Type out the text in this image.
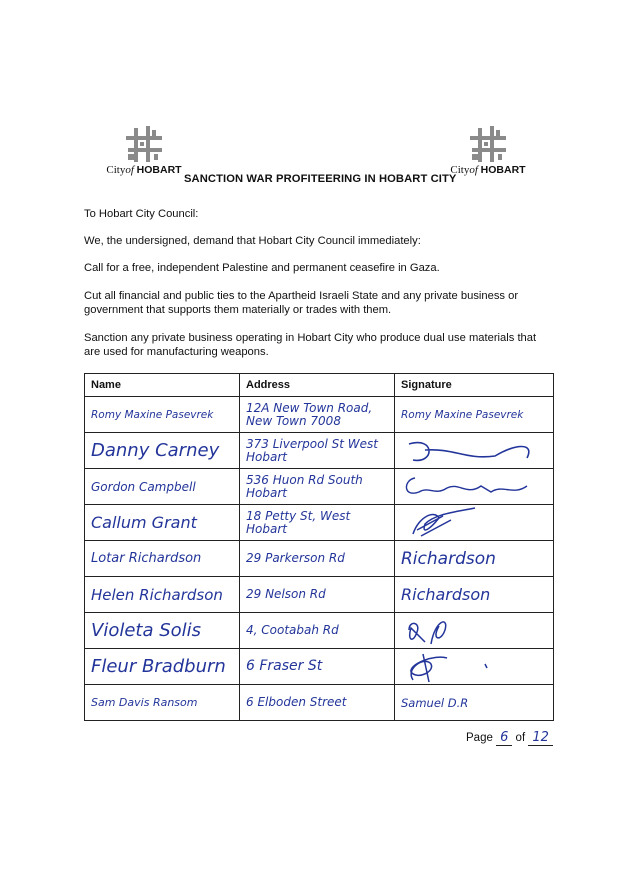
Cityof HOBART	Cityof HOBART
SANCTION WAR PROFITEERING IN HOBART CITY
To Hobart City Council:
We, the undersigned, demand that Hobart City Council immediately:
Call for a free, independent Palestine and permanent ceasefire in Gaza.
Cut all financial and public ties to the Apartheid Israeli State and any private business or government that supports them materially or trades with them.
Sanction any private business operating in Hobart City who produce dual use materials that are used for manufacturing weapons.
Name	Address	Signature

Romy Maxine Pasevrek	12A New Town Road, New Town 7008	Romy Maxine Pasevrek

Danny Carney	373 Liverpool St West Hobart

Gordon Campbell	536 Huon Rd South Hobart

Callum Grant	18 Petty St, West Hobart

Lotar Richardson	29 Parkerson Rd	Richardson

Helen Richardson	29 Nelson Rd	Richardson

Violeta Solis	4, Cootabah Rd

Fleur Bradburn	6 Fraser St

Sam Davis Ransom	6 Elboden Street	Samuel D.R
Page 6 of 12
